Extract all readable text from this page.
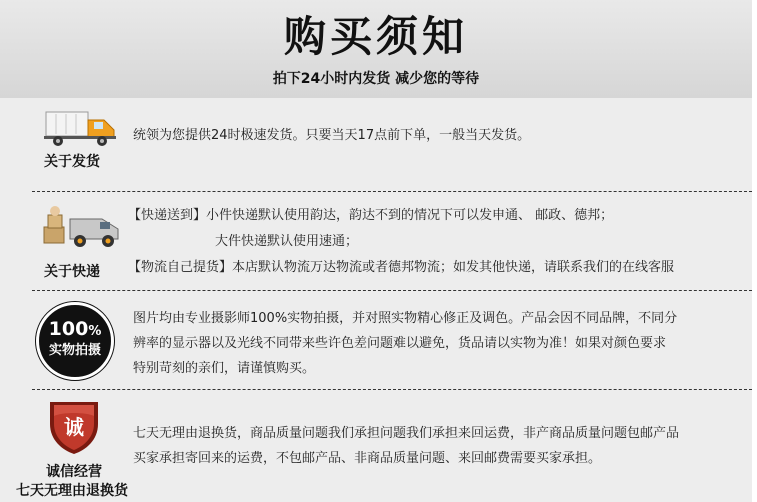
购买须知
拍下24小时内发货 减少您的等待
关于发货
统领为您提供24时极速发货。只要当天17点前下单，一般当天发货。
关于快递
【快递送到】小件快递默认使用韵达，韵达不到的情况下可以发申通、 邮政、德邦；
大件快递默认使用速通；
【物流自己提货】本店默认物流万达物流或者德邦物流；如发其他快递，请联系我们的在线客服
100%
实物拍摄
图片均由专业摄影师100%实物拍摄，并对照实物精心修正及调色。产品会因不同品牌，不同分
辨率的显示器以及光线不同带来些许色差问题难以避免，货品请以实物为准！如果对颜色要求
特别苛刻的亲们，请谨慎购买。
诚
诚信经营
七天无理由退换货
七天无理由退换货，商品质量问题我们承担问题我们承担来回运费，非产商品质量问题包邮产品
买家承担寄回来的运费，不包邮产品、非商品质量问题、来回邮费需要买家承担。
